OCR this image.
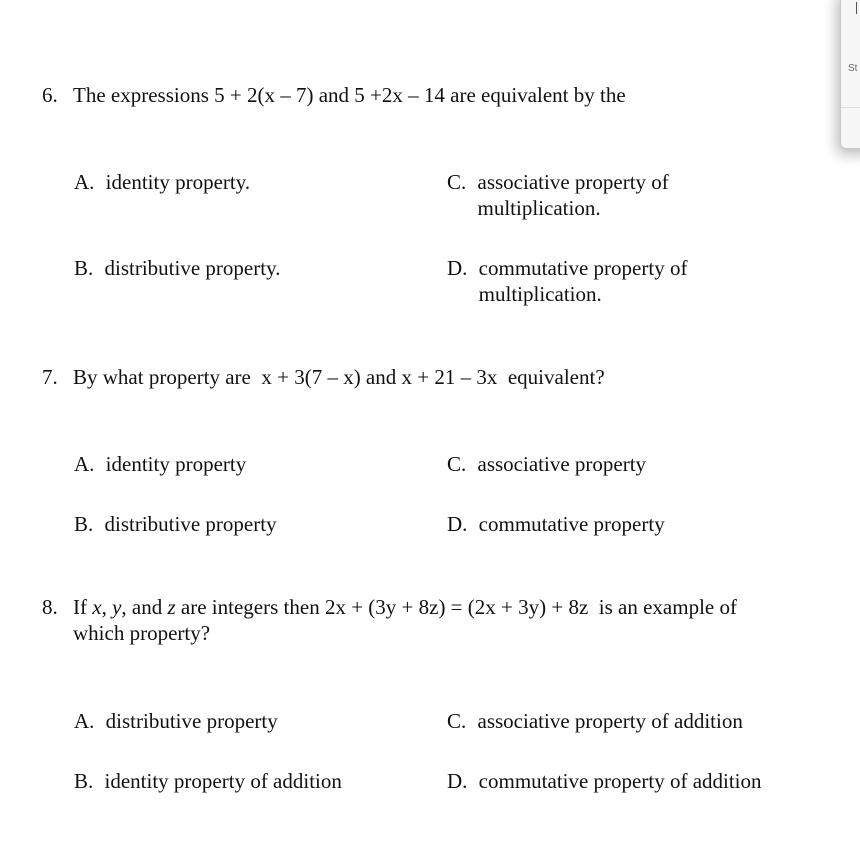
St
6. The expressions 5 + 2(x – 7) and 5 +2x – 14 are equivalent by the

A. identity property.
B. distributive property.
C. associative property of
multiplication.
D. commutative property of
multiplication.
7. By what property are  x + 3(7 – x) and x + 21 – 3x  equivalent?

A. identity property
B. distributive property
C. associative property
D. commutative property
8. If x, y, and z are integers then 2x + (3y + 8z) = (2x + 3y) + 8z  is an example of

which property?

A. distributive property
B. identity property of addition
C. associative property of addition
D. commutative property of addition
